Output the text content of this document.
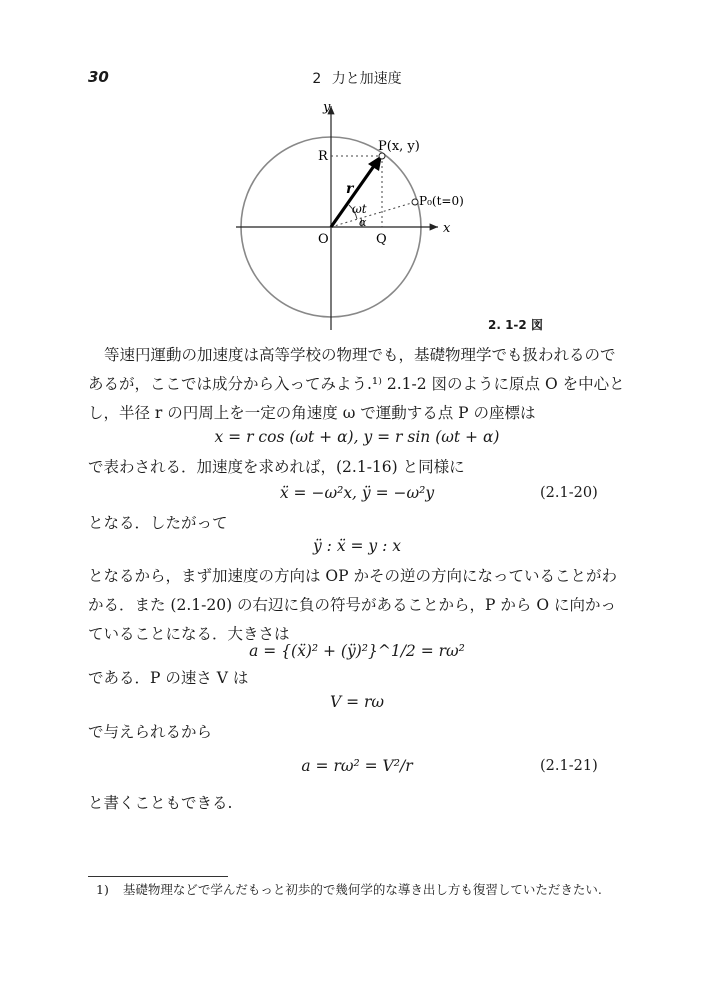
30	2 力と加速度
y
x
P(x, y)
P₀(t=0)
R
Q
O
r
ωt
α
2. 1-2 図
等速円運動の加速度は高等学校の物理でも，基礎物理学でも扱われるのであるが，ここでは成分から入ってみよう.¹⁾ 2.1-2 図のように原点 O を中心とし，半径 r の円周上を一定の角速度 ω で運動する点 P の座標は
x = r cos (ωt + α), y = r sin (ωt + α)
で表わされる．加速度を求めれば，(2.1-16) と同様に
ẍ = −ω²x, ÿ = −ω²y	(2.1-20)
となる．したがって
ÿ : ẍ = y : x
となるから，まず加速度の方向は OP かその逆の方向になっていることがわかる．また (2.1-20) の右辺に負の符号があることから，P から O に向かっていることになる．大きさは
a = {(ẍ)² + (ÿ)²}^1/2 = rω²
である．P の速さ V は
V = rω
で与えられるから
a = rω² = V²/r	(2.1-21)
と書くこともできる.
1) 基礎物理などで学んだもっと初歩的で幾何学的な導き出し方も復習していただきたい.
